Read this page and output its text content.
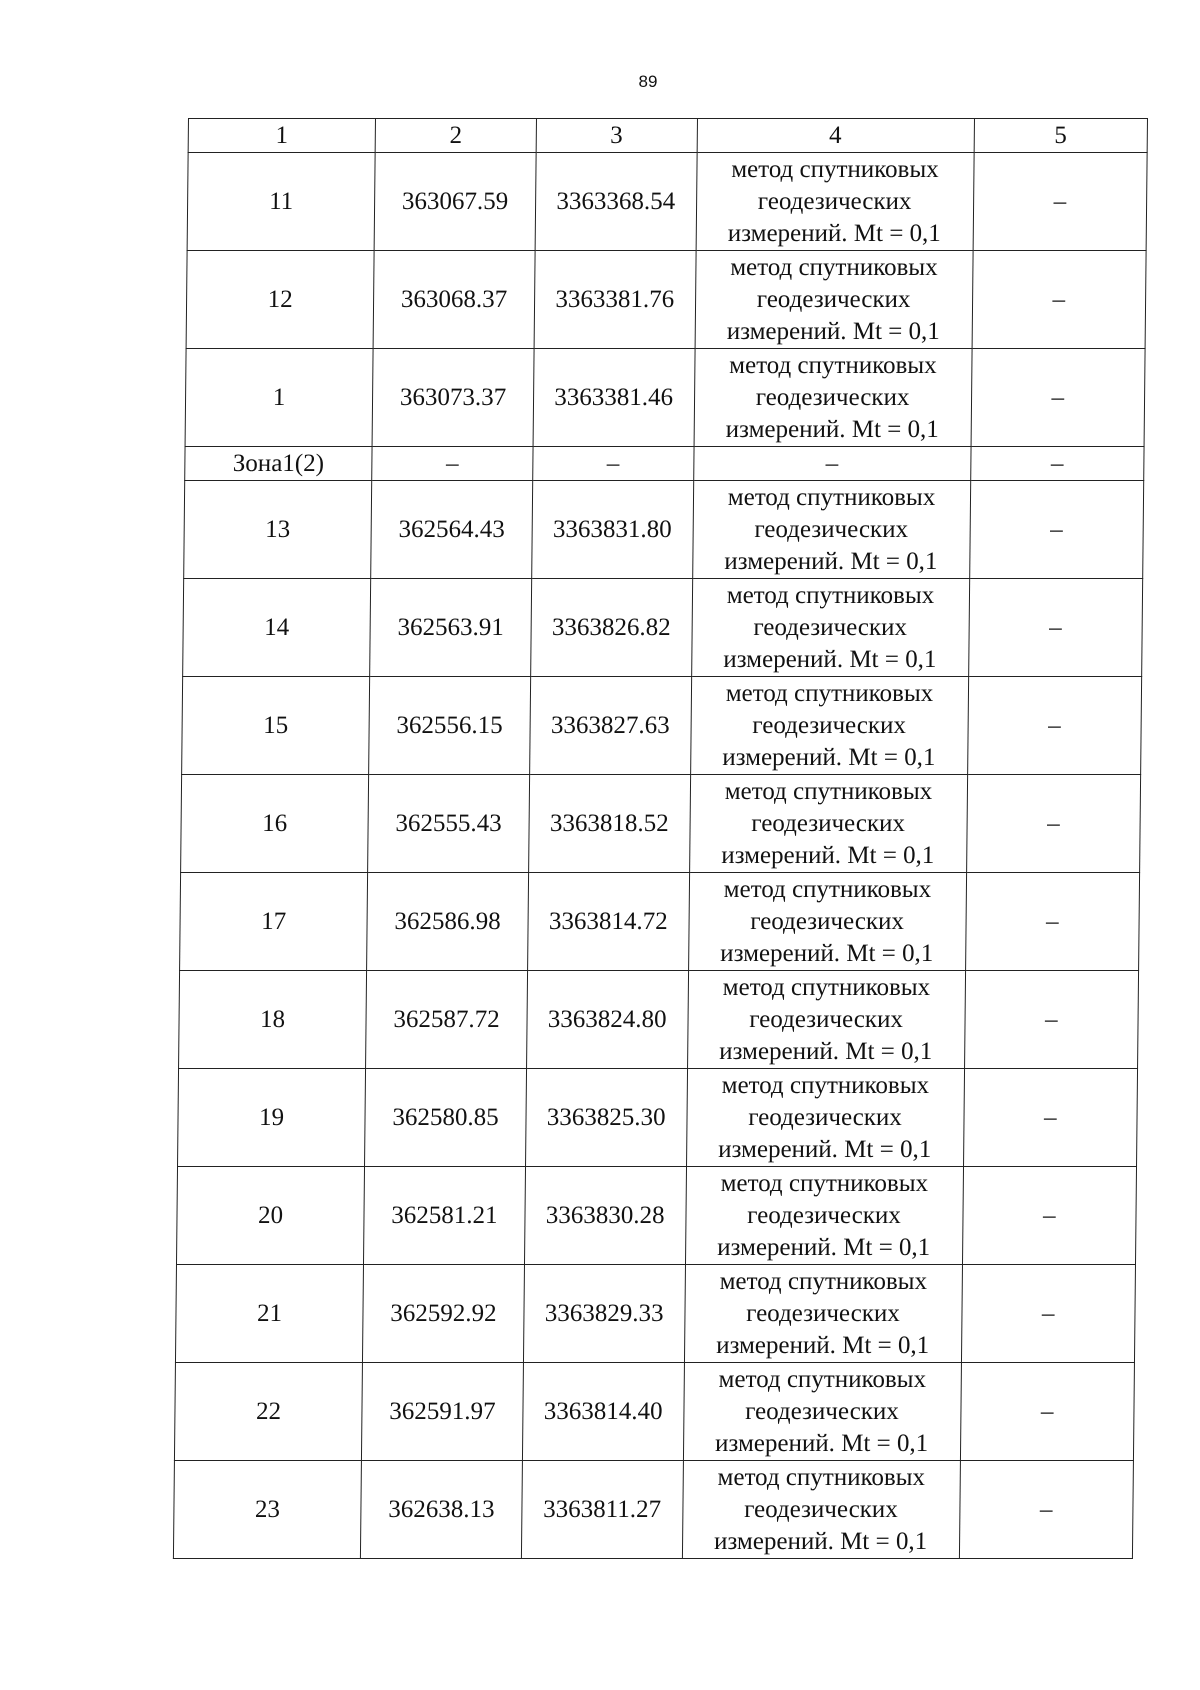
89
1	2	3	4	5
11	363067.59	3363368.54	метод спутниковых
геодезических
измерений. Mt = 0,1	–
12	363068.37	3363381.76	метод спутниковых
геодезических
измерений. Mt = 0,1	–
1	363073.37	3363381.46	метод спутниковых
геодезических
измерений. Mt = 0,1	–
Зона1(2)	–	–	–	–
13	362564.43	3363831.80	метод спутниковых
геодезических
измерений. Mt = 0,1	–
14	362563.91	3363826.82	метод спутниковых
геодезических
измерений. Mt = 0,1	–
15	362556.15	3363827.63	метод спутниковых
геодезических
измерений. Mt = 0,1	–
16	362555.43	3363818.52	метод спутниковых
геодезических
измерений. Mt = 0,1	–
17	362586.98	3363814.72	метод спутниковых
геодезических
измерений. Mt = 0,1	–
18	362587.72	3363824.80	метод спутниковых
геодезических
измерений. Mt = 0,1	–
19	362580.85	3363825.30	метод спутниковых
геодезических
измерений. Mt = 0,1	–
20	362581.21	3363830.28	метод спутниковых
геодезических
измерений. Mt = 0,1	–
21	362592.92	3363829.33	метод спутниковых
геодезических
измерений. Mt = 0,1	–
22	362591.97	3363814.40	метод спутниковых
геодезических
измерений. Mt = 0,1	–
23	362638.13	3363811.27	метод спутниковых
геодезических
измерений. Mt = 0,1	–
